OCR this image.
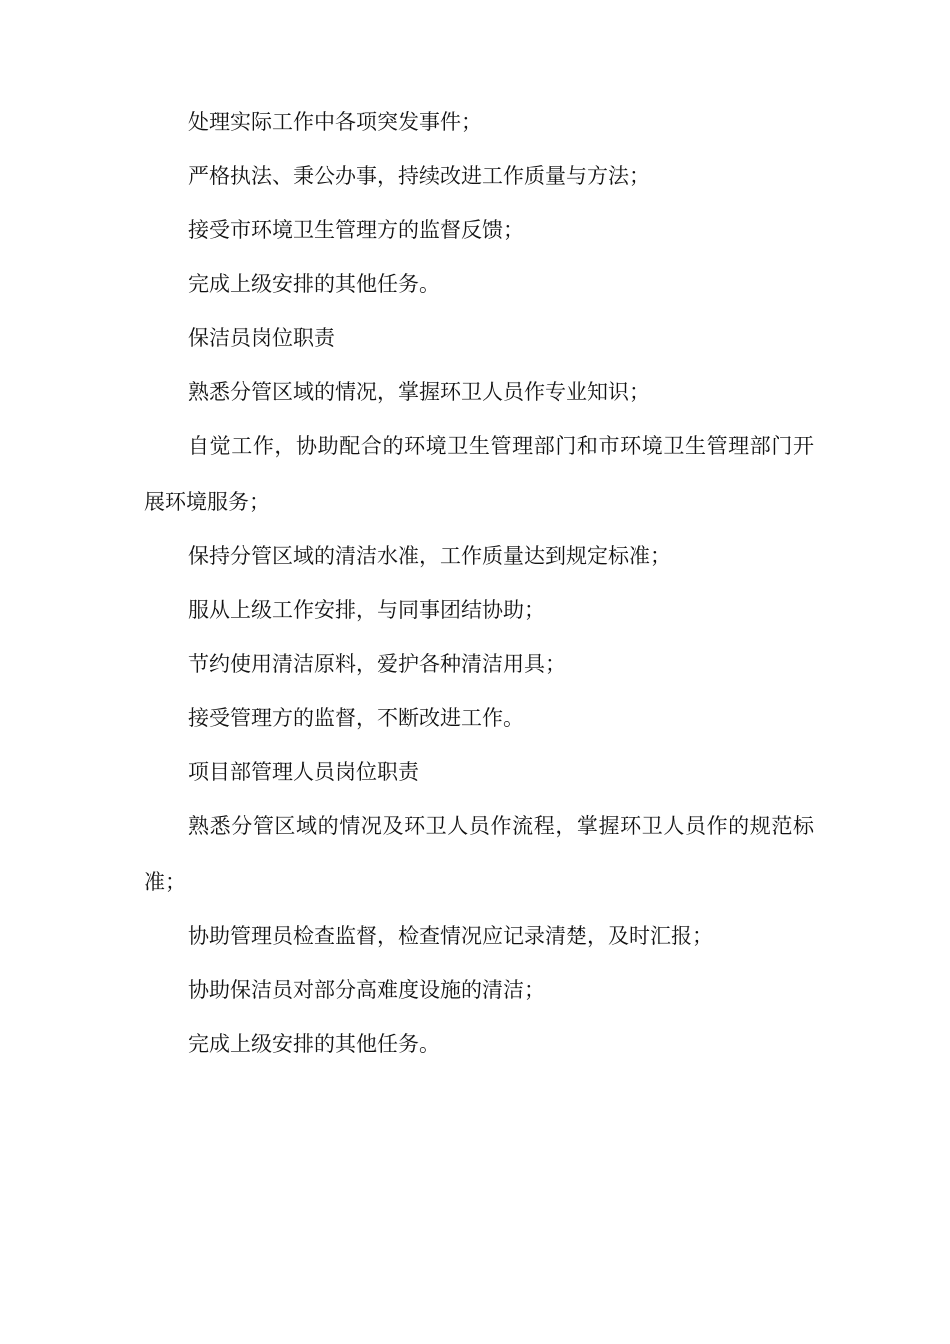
处理实际工作中各项突发事件；

严格执法、秉公办事，持续改进工作质量与方法；

接受市环境卫生管理方的监督反馈；

完成上级安排的其他任务。

保洁员岗位职责

熟悉分管区域的情况，掌握环卫人员作专业知识；

自觉工作，协助配合的环境卫生管理部门和市环境卫生管理部门开展环境服务；

保持分管区域的清洁水准，工作质量达到规定标准；

服从上级工作安排，与同事团结协助；

节约使用清洁原料，爱护各种清洁用具；

接受管理方的监督，不断改进工作。

项目部管理人员岗位职责

熟悉分管区域的情况及环卫人员作流程，掌握环卫人员作的规范标准；

协助管理员检查监督，检查情况应记录清楚，及时汇报；

协助保洁员对部分高难度设施的清洁；

完成上级安排的其他任务。
